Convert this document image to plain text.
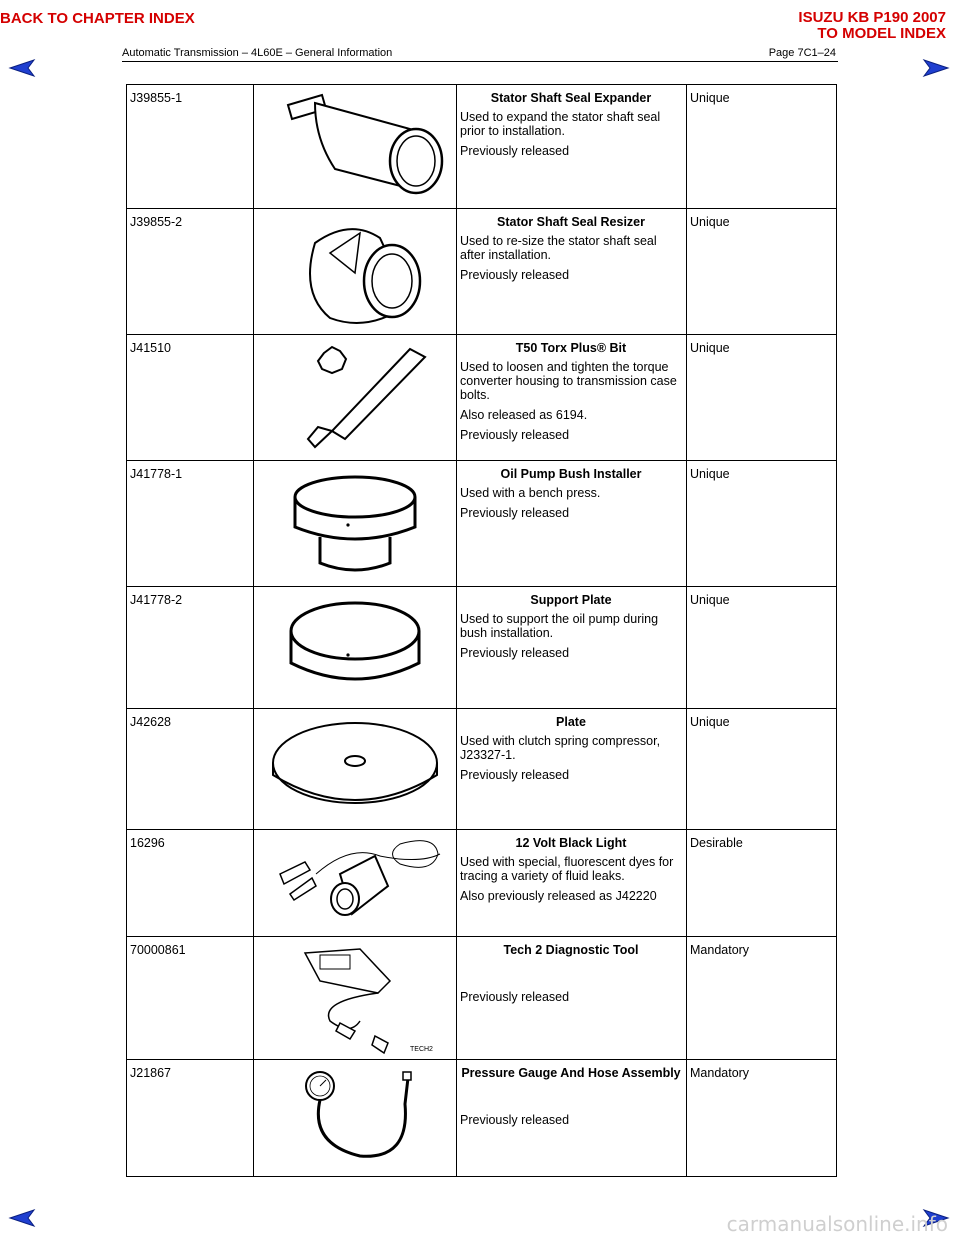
BACK TO CHAPTER INDEX	ISUZU KB P190 2007
TO MODEL INDEX
Automatic Transmission – 4L60E – General Information	Page 7C1–24
J39855-1		Stator Shaft Seal Expander
Used to expand the stator shaft seal prior to installation.
Previously released	Unique
J39855-2		Stator Shaft Seal Resizer
Used to re-size the stator shaft seal after installation.
Previously released	Unique
J41510		T50 Torx Plus® Bit
Used to loosen and tighten the torque converter housing to transmission case bolts.
Also released as 6194.
Previously released	Unique
J41778-1		Oil Pump Bush Installer
Used with a bench press.
Previously released	Unique
J41778-2		Support Plate
Used to support the oil pump during bush installation.
Previously released	Unique
J42628		Plate
Used with clutch spring compressor, J23327-1.
Previously released	Unique
16296		12 Volt Black Light
Used with special, fluorescent dyes for tracing a variety of fluid leaks.
Also previously released as J42220	Desirable
70000861	TECH2	Tech 2 Diagnostic Tool
Previously released	Mandatory
J21867		Pressure Gauge And Hose Assembly
Previously released	Mandatory
carmanualsonline.info
